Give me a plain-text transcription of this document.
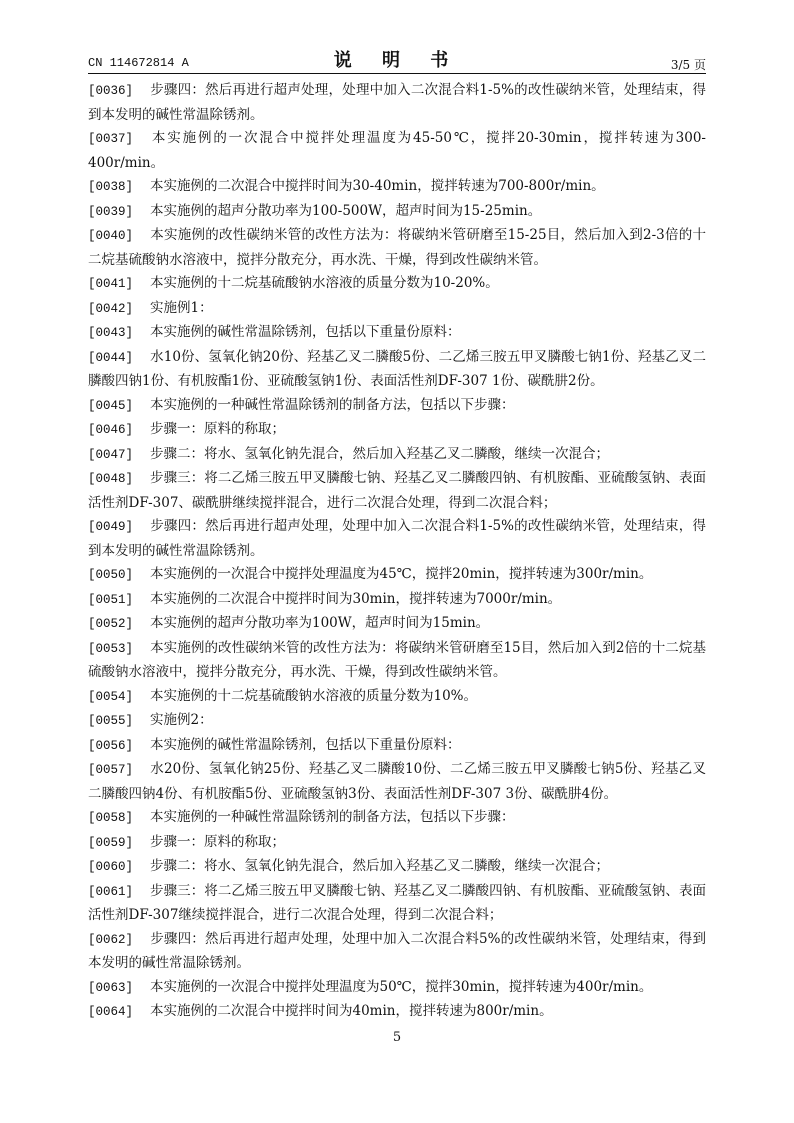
CN 114672814 A	说 明 书	3/5 页

[0036] 步骤四：然后再进行超声处理，处理中加入二次混合料1-5%的改性碳纳米管，处理结束，得到本发明的碱性常温除锈剂。

[0037] 本实施例的一次混合中搅拌处理温度为45-50℃，搅拌20-30min，搅拌转速为300-400r/min。

[0038] 本实施例的二次混合中搅拌时间为30-40min，搅拌转速为700-800r/min。

[0039] 本实施例的超声分散功率为100-500W，超声时间为15-25min。

[0040] 本实施例的改性碳纳米管的改性方法为：将碳纳米管研磨至15-25目，然后加入到2-3倍的十二烷基硫酸钠水溶液中，搅拌分散充分，再水洗、干燥，得到改性碳纳米管。

[0041] 本实施例的十二烷基硫酸钠水溶液的质量分数为10-20%。

[0042] 实施例1：

[0043] 本实施例的碱性常温除锈剂，包括以下重量份原料：

[0044] 水10份、氢氧化钠20份、羟基乙叉二膦酸5份、二乙烯三胺五甲叉膦酸七钠1份、羟基乙叉二膦酸四钠1份、有机胺酯1份、亚硫酸氢钠1份、表面活性剂DF-307 1份、碳酰肼2份。

[0045] 本实施例的一种碱性常温除锈剂的制备方法，包括以下步骤：

[0046] 步骤一：原料的称取；

[0047] 步骤二：将水、氢氧化钠先混合，然后加入羟基乙叉二膦酸，继续一次混合；

[0048] 步骤三：将二乙烯三胺五甲叉膦酸七钠、羟基乙叉二膦酸四钠、有机胺酯、亚硫酸氢钠、表面活性剂DF-307、碳酰肼继续搅拌混合，进行二次混合处理，得到二次混合料；

[0049] 步骤四：然后再进行超声处理，处理中加入二次混合料1-5%的改性碳纳米管，处理结束，得到本发明的碱性常温除锈剂。

[0050] 本实施例的一次混合中搅拌处理温度为45℃，搅拌20min，搅拌转速为300r/min。

[0051] 本实施例的二次混合中搅拌时间为30min，搅拌转速为7000r/min。

[0052] 本实施例的超声分散功率为100W，超声时间为15min。

[0053] 本实施例的改性碳纳米管的改性方法为：将碳纳米管研磨至15目，然后加入到2倍的十二烷基硫酸钠水溶液中，搅拌分散充分，再水洗、干燥，得到改性碳纳米管。

[0054] 本实施例的十二烷基硫酸钠水溶液的质量分数为10%。

[0055] 实施例2：

[0056] 本实施例的碱性常温除锈剂，包括以下重量份原料：

[0057] 水20份、氢氧化钠25份、羟基乙叉二膦酸10份、二乙烯三胺五甲叉膦酸七钠5份、羟基乙叉二膦酸四钠4份、有机胺酯5份、亚硫酸氢钠3份、表面活性剂DF-307 3份、碳酰肼4份。

[0058] 本实施例的一种碱性常温除锈剂的制备方法，包括以下步骤：

[0059] 步骤一：原料的称取；

[0060] 步骤二：将水、氢氧化钠先混合，然后加入羟基乙叉二膦酸，继续一次混合；

[0061] 步骤三：将二乙烯三胺五甲叉膦酸七钠、羟基乙叉二膦酸四钠、有机胺酯、亚硫酸氢钠、表面活性剂DF-307继续搅拌混合，进行二次混合处理，得到二次混合料；

[0062] 步骤四：然后再进行超声处理，处理中加入二次混合料5%的改性碳纳米管，处理结束，得到本发明的碱性常温除锈剂。

[0063] 本实施例的一次混合中搅拌处理温度为50℃，搅拌30min，搅拌转速为400r/min。

[0064] 本实施例的二次混合中搅拌时间为40min，搅拌转速为800r/min。

5
